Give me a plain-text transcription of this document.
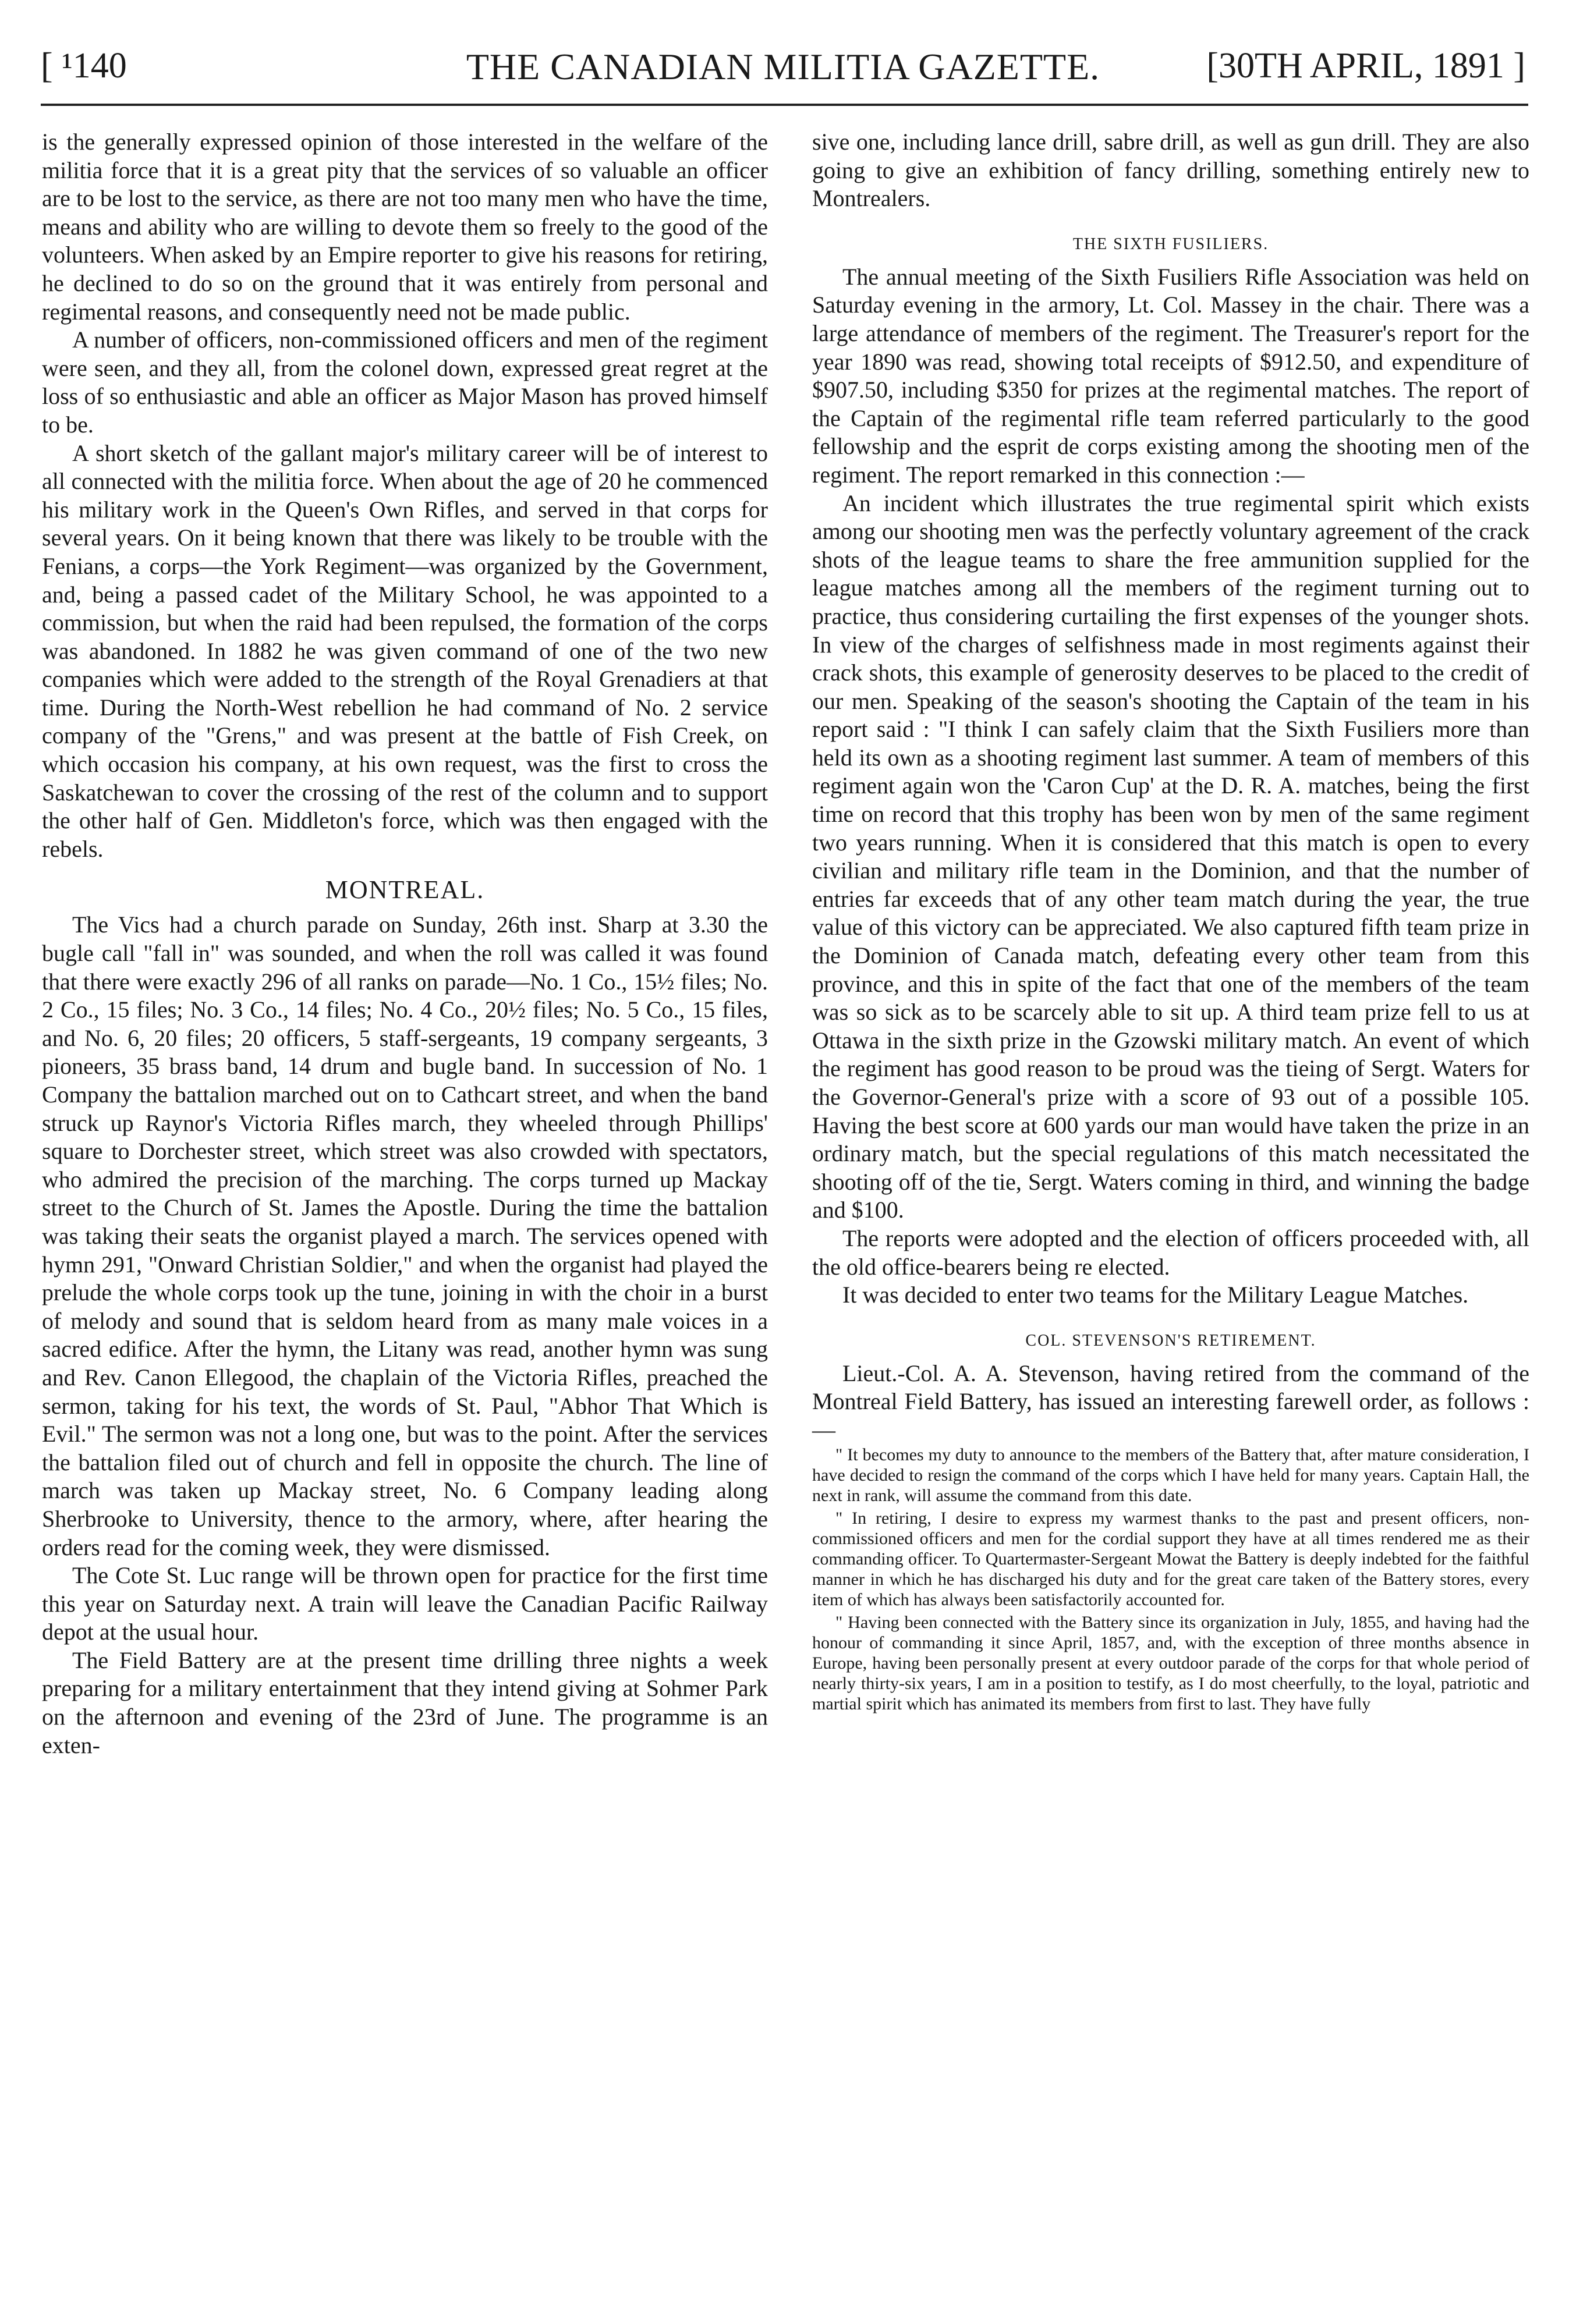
[ ¹140	THE CANADIAN MILITIA GAZETTE.	[30TH APRIL, 1891 ]

is the generally expressed opinion of those interested in the welfare of the militia force that it is a great pity that the services of so valuable an officer are to be lost to the service, as there are not too many men who have the time, means and ability who are willing to devote them so freely to the good of the volunteers. When asked by an Empire reporter to give his reasons for retiring, he declined to do so on the ground that it was entirely from personal and regimental reasons, and consequently need not be made public.

A number of officers, non-commissioned officers and men of the regiment were seen, and they all, from the colonel down, expressed great regret at the loss of so enthusiastic and able an officer as Major Mason has proved himself to be.

A short sketch of the gallant major's military career will be of interest to all connected with the militia force. When about the age of 20 he commenced his military work in the Queen's Own Rifles, and served in that corps for several years. On it being known that there was likely to be trouble with the Fenians, a corps—the York Regiment—was organized by the Government, and, being a passed cadet of the Military School, he was appointed to a commission, but when the raid had been repulsed, the formation of the corps was abandoned. In 1882 he was given command of one of the two new companies which were added to the strength of the Royal Grenadiers at that time. During the North-West rebellion he had command of No. 2 service company of the "Grens," and was present at the battle of Fish Creek, on which occasion his company, at his own request, was the first to cross the Saskatchewan to cover the crossing of the rest of the column and to support the other half of Gen. Middleton's force, which was then engaged with the rebels.

MONTREAL.

The Vics had a church parade on Sunday, 26th inst. Sharp at 3.30 the bugle call "fall in" was sounded, and when the roll was called it was found that there were exactly 296 of all ranks on parade—No. 1 Co., 15½ files; No. 2 Co., 15 files; No. 3 Co., 14 files; No. 4 Co., 20½ files; No. 5 Co., 15 files, and No. 6, 20 files; 20 officers, 5 staff-sergeants, 19 company sergeants, 3 pioneers, 35 brass band, 14 drum and bugle band. In succession of No. 1 Company the battalion marched out on to Cathcart street, and when the band struck up Raynor's Victoria Rifles march, they wheeled through Phillips' square to Dorchester street, which street was also crowded with spectators, who admired the precision of the marching. The corps turned up Mackay street to the Church of St. James the Apostle. During the time the battalion was taking their seats the organist played a march. The services opened with hymn 291, "Onward Christian Soldier," and when the organist had played the prelude the whole corps took up the tune, joining in with the choir in a burst of melody and sound that is seldom heard from as many male voices in a sacred edifice. After the hymn, the Litany was read, another hymn was sung and Rev. Canon Ellegood, the chaplain of the Victoria Rifles, preached the sermon, taking for his text, the words of St. Paul, "Abhor That Which is Evil." The sermon was not a long one, but was to the point. After the services the battalion filed out of church and fell in opposite the church. The line of march was taken up Mackay street, No. 6 Company leading along Sherbrooke to University, thence to the armory, where, after hearing the orders read for the coming week, they were dismissed.

The Cote St. Luc range will be thrown open for practice for the first time this year on Saturday next. A train will leave the Canadian Pacific Railway depot at the usual hour.

The Field Battery are at the present time drilling three nights a week preparing for a military entertainment that they intend giving at Sohmer Park on the afternoon and evening of the 23rd of June. The programme is an exten-

sive one, including lance drill, sabre drill, as well as gun drill. They are also going to give an exhibition of fancy drilling, something entirely new to Montrealers.

THE SIXTH FUSILIERS.

The annual meeting of the Sixth Fusiliers Rifle Association was held on Saturday evening in the armory, Lt. Col. Massey in the chair. There was a large attendance of members of the regiment. The Treasurer's report for the year 1890 was read, showing total receipts of $912.50, and expenditure of $907.50, including $350 for prizes at the regimental matches. The report of the Captain of the regimental rifle team referred particularly to the good fellowship and the esprit de corps existing among the shooting men of the regiment. The report remarked in this connection :—

An incident which illustrates the true regimental spirit which exists among our shooting men was the perfectly voluntary agreement of the crack shots of the league teams to share the free ammunition supplied for the league matches among all the members of the regiment turning out to practice, thus considering curtailing the first expenses of the younger shots. In view of the charges of selfishness made in most regiments against their crack shots, this example of generosity deserves to be placed to the credit of our men. Speaking of the season's shooting the Captain of the team in his report said : "I think I can safely claim that the Sixth Fusiliers more than held its own as a shooting regiment last summer. A team of members of this regiment again won the 'Caron Cup' at the D. R. A. matches, being the first time on record that this trophy has been won by men of the same regiment two years running. When it is considered that this match is open to every civilian and military rifle team in the Dominion, and that the number of entries far exceeds that of any other team match during the year, the true value of this victory can be appreciated. We also captured fifth team prize in the Dominion of Canada match, defeating every other team from this province, and this in spite of the fact that one of the members of the team was so sick as to be scarcely able to sit up. A third team prize fell to us at Ottawa in the sixth prize in the Gzowski military match. An event of which the regiment has good reason to be proud was the tieing of Sergt. Waters for the Governor-General's prize with a score of 93 out of a possible 105. Having the best score at 600 yards our man would have taken the prize in an ordinary match, but the special regulations of this match necessitated the shooting off of the tie, Sergt. Waters coming in third, and winning the badge and $100.

The reports were adopted and the election of officers proceeded with, all the old office-bearers being re elected.

It was decided to enter two teams for the Military League Matches.

COL. STEVENSON'S RETIREMENT.

Lieut.-Col. A. A. Stevenson, having retired from the command of the Montreal Field Battery, has issued an interesting farewell order, as follows :—

" It becomes my duty to announce to the members of the Battery that, after mature consideration, I have decided to resign the command of the corps which I have held for many years. Captain Hall, the next in rank, will assume the command from this date.

" In retiring, I desire to express my warmest thanks to the past and present officers, non-commissioned officers and men for the cordial support they have at all times rendered me as their commanding officer. To Quartermaster-Sergeant Mowat the Battery is deeply indebted for the faithful manner in which he has discharged his duty and for the great care taken of the Battery stores, every item of which has always been satisfactorily accounted for.

" Having been connected with the Battery since its organization in July, 1855, and having had the honour of commanding it since April, 1857, and, with the exception of three months absence in Europe, having been personally present at every outdoor parade of the corps for that whole period of nearly thirty-six years, I am in a position to testify, as I do most cheerfully, to the loyal, patriotic and martial spirit which has animated its members from first to last. They have fully
